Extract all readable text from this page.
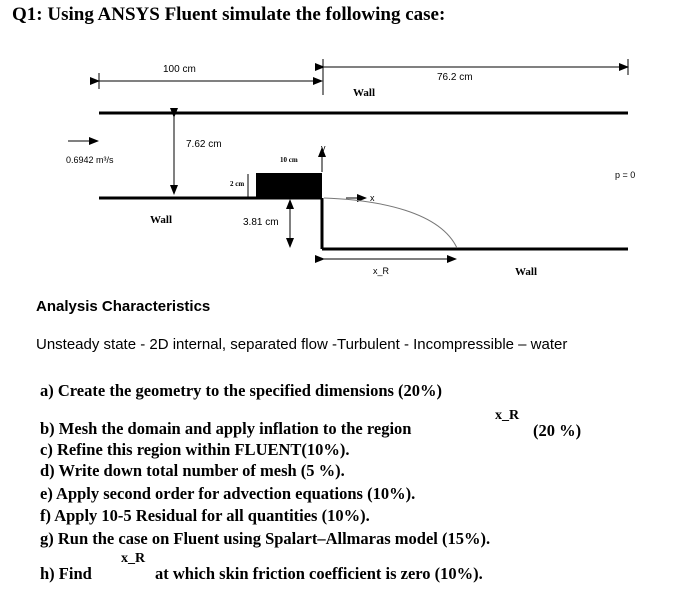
Q1: Using ANSYS Fluent simulate the following case:
100 cm
76.2 cm
Wall
7.62 cm
0.6942 m³/s	10 cm
y
x
p = 0
2 cm
Wall	3.81 cm
x_R	Wall
Analysis Characteristics
Unsteady state - 2D internal, separated flow -Turbulent - Incompressible – water
a) Create the geometry to the specified dimensions (20%)
b) Mesh the domain and apply inflation to the region
x_R
(20 %)
c) Refine this region within FLUENT(10%).
d) Write down total number of mesh (5 %).
e) Apply second order for advection equations (10%).
f) Apply 10-5 Residual for all quantities (10%).
g) Run the case on Fluent using Spalart–Allmaras model (15%).
h) Find
x_R
at which skin friction coefficient is zero (10%).
